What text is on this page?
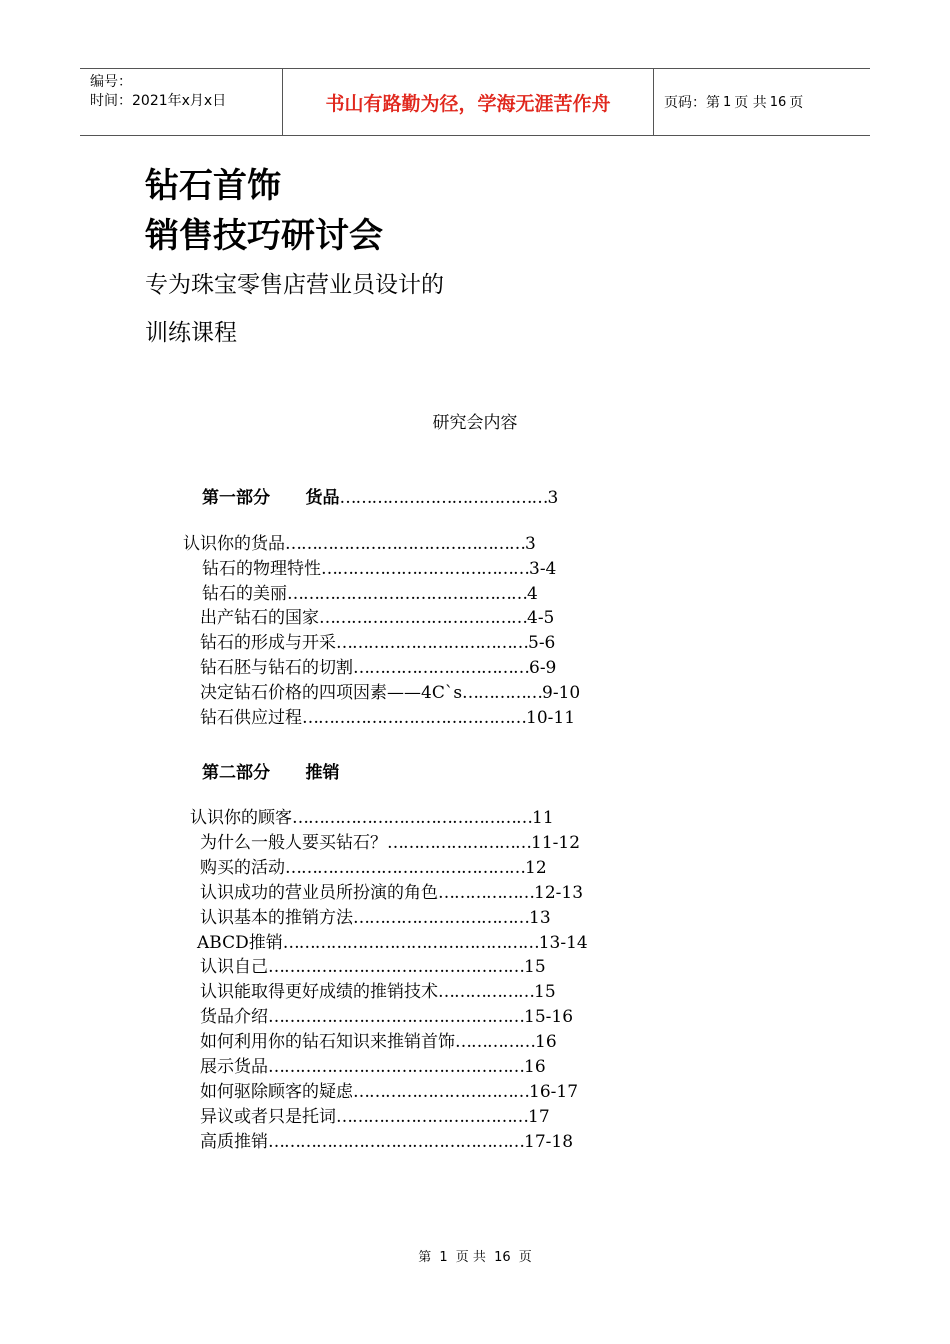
编号：
时间：2021年x月x日	书山有路勤为径，学海无涯苦作舟	页码：第 1 页 共 16 页
钻石首饰
销售技巧研讨会
专为珠宝零售店营业员设计的
训练课程
研究会内容
第一部分      货品…………………………………3
认识你的货品………………………………………3
钻石的物理特性…………………………………3-4
钻石的美丽………………………………………4
出产钻石的国家…………………………………4-5
钻石的形成与开采………………………………5-6
钻石胚与钻石的切割……………………………6-9
决定钻石价格的四项因素——4C`s……………9-10
钻石供应过程……………………………………10-11
第二部分      推销
认识你的顾客………………………………………11
为什么一般人要买钻石？………………………11-12
购买的活动………………………………………12
认识成功的营业员所扮演的角色………………12-13
认识基本的推销方法……………………………13
ABCD推销…………………………………………13-14
认识自己…………………………………………15
认识能取得更好成绩的推销技术………………15
货品介绍…………………………………………15-16
如何利用你的钻石知识来推销首饰……………16
展示货品…………………………………………16
如何驱除顾客的疑虑……………………………16-17
异议或者只是托词………………………………17
高质推销…………………………………………17-18
第 1 页 共 16 页
